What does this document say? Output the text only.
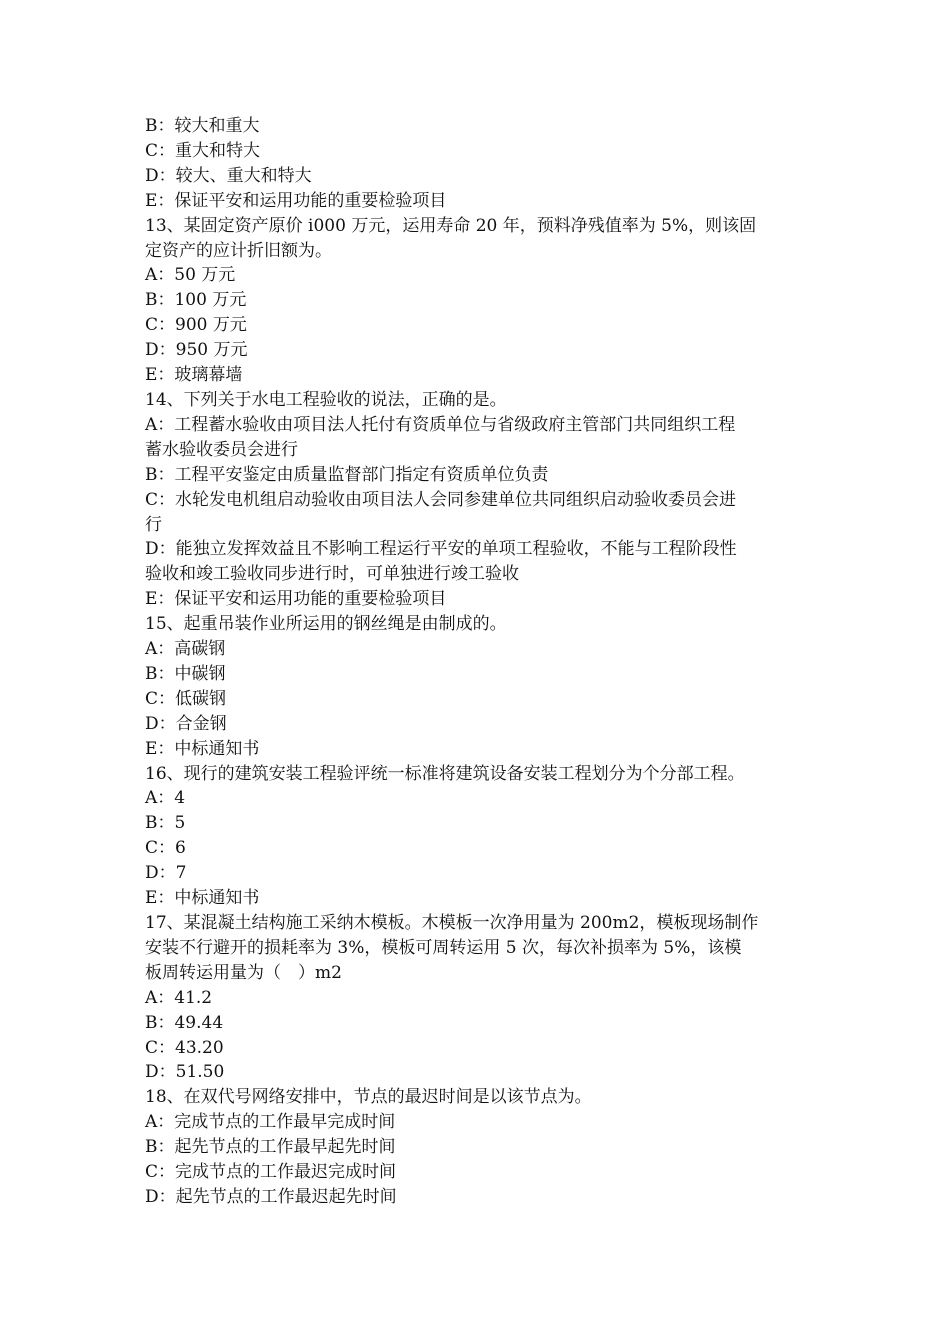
B：较大和重大
C：重大和特大
D：较大、重大和特大
E：保证平安和运用功能的重要检验项目
13、某固定资产原价 i000 万元，运用寿命 20 年，预料净残值率为 5%，则该固
定资产的应计折旧额为。
A：50 万元
B：100 万元
C：900 万元
D：950 万元
E：玻璃幕墙
14、下列关于水电工程验收的说法，正确的是。
A：工程蓄水验收由项目法人托付有资质单位与省级政府主管部门共同组织工程
蓄水验收委员会进行
B：工程平安鉴定由质量监督部门指定有资质单位负责
C：水轮发电机组启动验收由项目法人会同参建单位共同组织启动验收委员会进
行
D：能独立发挥效益且不影响工程运行平安的单项工程验收，不能与工程阶段性
验收和竣工验收同步进行时，可单独进行竣工验收
E：保证平安和运用功能的重要检验项目
15、起重吊装作业所运用的钢丝绳是由制成的。
A：高碳钢
B：中碳钢
C：低碳钢
D：合金钢
E：中标通知书
16、现行的建筑安装工程验评统一标准将建筑设备安装工程划分为个分部工程。
A：4
B：5
C：6
D：7
E：中标通知书
17、某混凝土结构施工采纳木模板。木模板一次净用量为 200m2，模板现场制作
安装不行避开的损耗率为 3%，模板可周转运用 5 次，每次补损率为 5%，该模
板周转运用量为（　）m2
A：41.2
B：49.44
C：43.20
D：51.50
18、在双代号网络安排中，节点的最迟时间是以该节点为。
A：完成节点的工作最早完成时间
B：起先节点的工作最早起先时间
C：完成节点的工作最迟完成时间
D：起先节点的工作最迟起先时间
